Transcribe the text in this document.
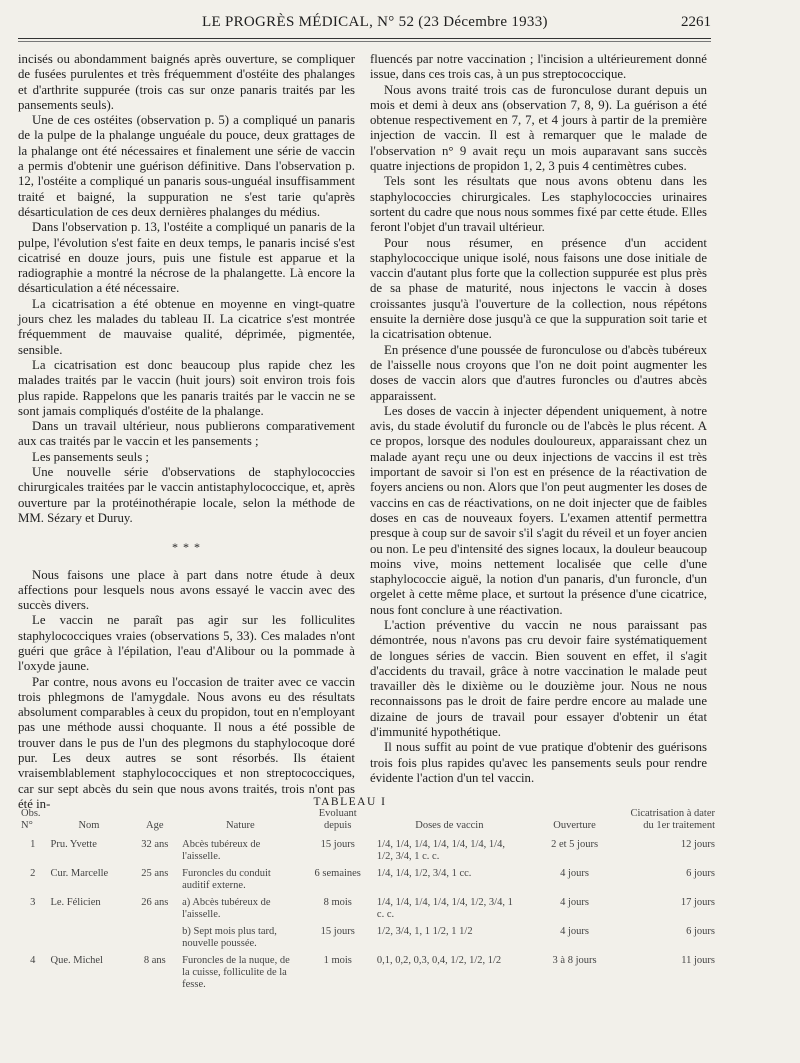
LE PROGRÈS MÉDICAL, N° 52 (23 Décembre 1933)	2261

incisés ou abondamment baignés après ouverture, se compliquer de fusées purulentes et très fréquemment d'ostéite des phalanges et d'arthrite suppurée (trois cas sur onze panaris traités par les pansements seuls).

Une de ces ostéites (observation p. 5) a compliqué un panaris de la pulpe de la phalange unguéale du pouce, deux grattages de la phalange ont été nécessaires et finalement une série de vaccin a permis d'obtenir une guérison définitive. Dans l'observation p. 12, l'ostéite a compliqué un panaris sous-unguéal insuffisamment traité et baigné, la suppuration ne s'est tarie qu'après désarticulation de ces deux dernières phalanges du médius.

Dans l'observation p. 13, l'ostéite a compliqué un panaris de la pulpe, l'évolution s'est faite en deux temps, le panaris incisé s'est cicatrisé en douze jours, puis une fistule est apparue et la radiographie a montré la nécrose de la phalangette. Là encore la désarticulation a été nécessaire.

La cicatrisation a été obtenue en moyenne en vingt-quatre jours chez les malades du tableau II. La cicatrice s'est montrée fréquemment de mauvaise qualité, déprimée, pigmentée, sensible.

La cicatrisation est donc beaucoup plus rapide chez les malades traités par le vaccin (huit jours) soit environ trois fois plus rapide. Rappelons que les panaris traités par le vaccin ne se sont jamais compliqués d'ostéite de la phalange.

Dans un travail ultérieur, nous publierons comparativement aux cas traités par le vaccin et les pansements ;

Les pansements seuls ;

Une nouvelle série d'observations de staphylococcies chirurgicales traitées par le vaccin antistaphylococcique, et, après ouverture par la protéinothérapie locale, selon la méthode de MM. Sézary et Duruy.

* * *

Nous faisons une place à part dans notre étude à deux affections pour lesquels nous avons essayé le vaccin avec des succès divers.

Le vaccin ne paraît pas agir sur les folliculites staphylococciques vraies (observations 5, 33). Ces malades n'ont guéri que grâce à l'épilation, l'eau d'Alibour ou la pommade à l'oxyde jaune.

Par contre, nous avons eu l'occasion de traiter avec ce vaccin trois phlegmons de l'amygdale. Nous avons eu des résultats absolument comparables à ceux du propidon, tout en n'employant pas une méthode aussi choquante. Il nous a été possible de trouver dans le pus de l'un des plegmons du staphylocoque doré pur. Les deux autres se sont résorbés. Ils étaient vraisemblablement staphylococciques et non streptococciques, car sur sept abcès du sein que nous avons traités, trois n'ont pas été in-

fluencés par notre vaccination ; l'incision a ultérieurement donné issue, dans ces trois cas, à un pus streptococcique.

Nous avons traité trois cas de furonculose durant depuis un mois et demi à deux ans (observation 7, 8, 9). La guérison a été obtenue respectivement en 7, 7, et 4 jours à partir de la première injection de vaccin. Il est à remarquer que le malade de l'observation n° 9 avait reçu un mois auparavant sans succès quatre injections de propidon 1, 2, 3 puis 4 centimètres cubes.

Tels sont les résultats que nous avons obtenu dans les staphylococcies chirurgicales. Les staphylococcies urinaires sortent du cadre que nous nous sommes fixé par cette étude. Elles feront l'objet d'un travail ultérieur.

Pour nous résumer, en présence d'un accident staphylococcique unique isolé, nous faisons une dose initiale de vaccin d'autant plus forte que la collection suppurée est plus près de sa phase de maturité, nous injectons le vaccin à doses croissantes jusqu'à l'ouverture de la collection, nous répétons ensuite la dernière dose jusqu'à ce que la suppuration soit tarie et la cicatrisation obtenue.

En présence d'une poussée de furonculose ou d'abcès tubéreux de l'aisselle nous croyons que l'on ne doit point augmenter les doses de vaccin alors que d'autres furoncles ou d'autres abcès apparaissent.

Les doses de vaccin à injecter dépendent uniquement, à notre avis, du stade évolutif du furoncle ou de l'abcès le plus récent. A ce propos, lorsque des nodules douloureux, apparaissant chez un malade ayant reçu une ou deux injections de vaccins il est très important de savoir si l'on est en présence de la réactivation de foyers anciens ou non. Alors que l'on peut augmenter les doses de vaccins en cas de réactivations, on ne doit injecter que de faibles doses en cas de nouveaux foyers. L'examen attentif permettra presque à coup sur de savoir s'il s'agit du réveil et un foyer ancien ou non. Le peu d'intensité des signes locaux, la douleur beaucoup moins vive, moins nettement localisée que celle d'une staphylococcie aiguë, la notion d'un panaris, d'un furoncle, d'un orgelet à cette même place, et surtout la présence d'une cicatrice, nous font conclure à une réactivation.

L'action préventive du vaccin ne nous paraissant pas démontrée, nous n'avons pas cru devoir faire systématiquement de longues séries de vaccin. Bien souvent en effet, il s'agit d'accidents du travail, grâce à notre vaccination le malade peut travailler dès le dixième ou le douzième jour. Nous ne nous reconnaissons pas le droit de faire perdre encore au malade une dizaine de jours de travail pour essayer d'obtenir un état d'immunité hypothétique.

Il nous suffit au point de vue pratique d'obtenir des guérisons trois fois plus rapides qu'avec les pansements seuls pour rendre évidente l'action d'un tel vaccin.

TABLEAU I
Obs. N°	Nom	Age	Nature	Evoluant depuis	Doses de vaccin	Ouverture	Cicatrisation à dater du 1er traitement
1	Pru. Yvette	32 ans	Abcès tubéreux de l'aisselle.	15 jours	1/4, 1/4, 1/4, 1/4, 1/4, 1/4, 1/4, 1/2, 3/4, 1 c. c.	2 et 5 jours	12 jours
2	Cur. Marcelle	25 ans	Furoncles du conduit auditif externe.	6 semaines	1/4, 1/4, 1/2, 3/4, 1 cc.	4 jours	6 jours
3	Le. Félicien	26 ans	a) Abcès tubéreux de l'aisselle.	8 mois	1/4, 1/4, 1/4, 1/4, 1/4, 1/2, 3/4, 1 c. c.	4 jours	17 jours
			b) Sept mois plus tard, nouvelle poussée.	15 jours	1/2, 3/4, 1, 1 1/2, 1 1/2	4 jours	6 jours
4	Que. Michel	8 ans	Furoncles de la nuque, de la cuisse, folliculite de la fesse.	1 mois	0,1, 0,2, 0,3, 0,4, 1/2, 1/2, 1/2	3 à 8 jours	11 jours
